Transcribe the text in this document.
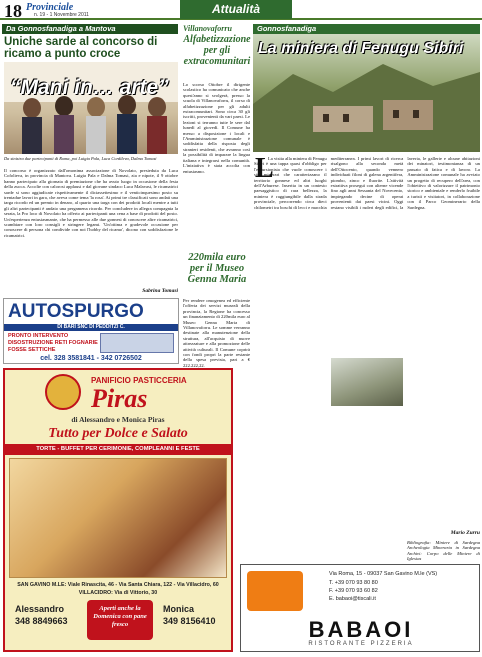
18 Provinciale
n. 19 - 1 Novembre 2011	Attualità
Da Gonnosfanadiga a Mantova
Uniche sarde al concorso di ricamo a punto croce
“Mani in… arte”
Da sinistra due partecipanti di Roma, poi Luigia Pala, Luca Cordileva, Dalma Tomasi
Il concorso è organizzato dall'omonima associazione di Novolato, presieduta da Luca Cofolieva, in provincia di Mantova. Luigia Pala e Dalma Tomasi, zia e nipote, il 9 ottobre hanno partecipato alla giornata di premiazione che ha avuto luogo in occasione della festa della zucca. Accolte con calorosi applausi e dal giovane sindaco Luca Malavasi, le ricamatrici sarde si sono aggiudicate rispettivamente il diciassettesimo e il venticinquesimo posto su trentadue lavori in gara, che aveva come tema 'la rosa'. Ai primi tre classificati sono andati una targa ricordo ed un premio in denaro, al quarto una targa con dei prodotti locali mentre a tutti gli altri partecipanti è andato una pergamena ricordo. Per concludere in allegra compagnia la serata, la Pro loco di Novolato ha offerto ai partecipanti una cena a base di prodotti del posto. Un'esperienza entusiasmante, che ha permesso alle due gonnesi di conoscere altre ricamatrici, scambiare con loro consigli e stringere legami. 'Un'ottima e gradevole occasione per conoscere di persona chi condivide con noi l'hobby del ricamo', dicono con soddisfazione le ricamatrici.
Sabrina Tomasi
AUTOSPURGO
DI BARI SNC DI PEDDITZI C.
PRONTO INTERVENTO
DISOSTRUZIONE RETI FOGNARIE
FOSSE SETTICHE
cel. 328 3581841 - 342 0726502
PANIFICIO PASTICCERIA
Piras
di Alessandro e Monica Piras
Tutto per Dolce e Salato
TORTE - BUFFET PER CERIMONIE, COMPLEANNI E FESTE
SAN GAVINO M.LE: Viale Rinascita, 46 - Via Santa Chiara, 122 - Via Villacidro, 60
VILLACIDRO: Via di Vittorio, 30
Alessandro
348 8849663
Aperti anche la Domenica con pane fresco
Monica
349 8156410
Villanovaforru
Alfabetizzazione per gli extracomunitari
Lo scorso Ottobre il dirigente scolastico ha comunicato che anche quest'anno si svolgerà, presso la scuola di Villanovaforru, il corso di alfabetizzazione per gli adulti extracomunitari. Sono circa 30 gli iscritti, provenienti da vari paesi. Le lezioni si terranno tutte le sere dal lunedì al giovedì. Il Comune ha messo a disposizione i locali e l'Amministrazione comunale è soddisfatta della risposta degli stranieri residenti, che avranno così la possibilità di imparare la lingua italiana e integrarsi nella comunità. L'iniziativa è stata accolta con entusiasmo.
220mila euro per il Museo Genna Maria
Per rendere omogenea ed efficiente l'offerta dei servizi museali della provincia, la Regione ha concesso un finanziamento di 220mila euro al Museo Genna Maria di Villanovaforru. Le somme verranno destinate alla manutenzione della struttura, all'acquisto di nuove attrezzature e alla promozione delle attività culturali. Il Comune coprirà con fondi propri la parte restante della spesa prevista, pari a € 222.222,22.
Gonnosfanadiga
La miniera di Fenugu Sibiri
L
La visita alla miniera di Fenugu Sibiri è una tappa quasi d'obbligo per l'escursionista che vuole conoscere i siti minerari che caratterizzano il territorio gonnese ed altri luoghi dell'Arburese. Inserita in un contesto paesaggistico di rara bellezza, la miniera è raggiungibile dalla strada provinciale, percorrendo circa dieci chilometri tra boschi di lecci e macchia mediterranea. I primi lavori di ricerca risalgono alla seconda metà dell'Ottocento, quando vennero individuati filoni di galena argentifera, piombo, zinco e fluorite. L'attività estrattiva proseguì con alterne vicende fino agli anni Sessanta del Novecento, impiegando decine di operai provenienti dai paesi vicini. Oggi restano visibili i ruderi degli edifici, la laveria, le gallerie e alcune abitazioni dei minatori, testimonianza di un passato di fatica e di lavoro. La Amministrazione comunale ha avviato un progetto di recupero dell'area, con l'obiettivo di valorizzare il patrimonio storico e ambientale e renderlo fruibile a turisti e visitatori, in collaborazione con il Parco Geominerario della Sardegna.
Bibliografia: Miniere di Sardegna Archeologia Mineraria in Sardegna Archivi: Corpo delle Miniere di Iglesias
Mario Zurru
Via Roma, 15 - 09037 San Gavino M.le (VS)
T. +39 070 93 80 80
F. +39 070 93 60 82
E. babaoi@tiscali.it
BABAOI
RISTORANTE PIZZERIA
